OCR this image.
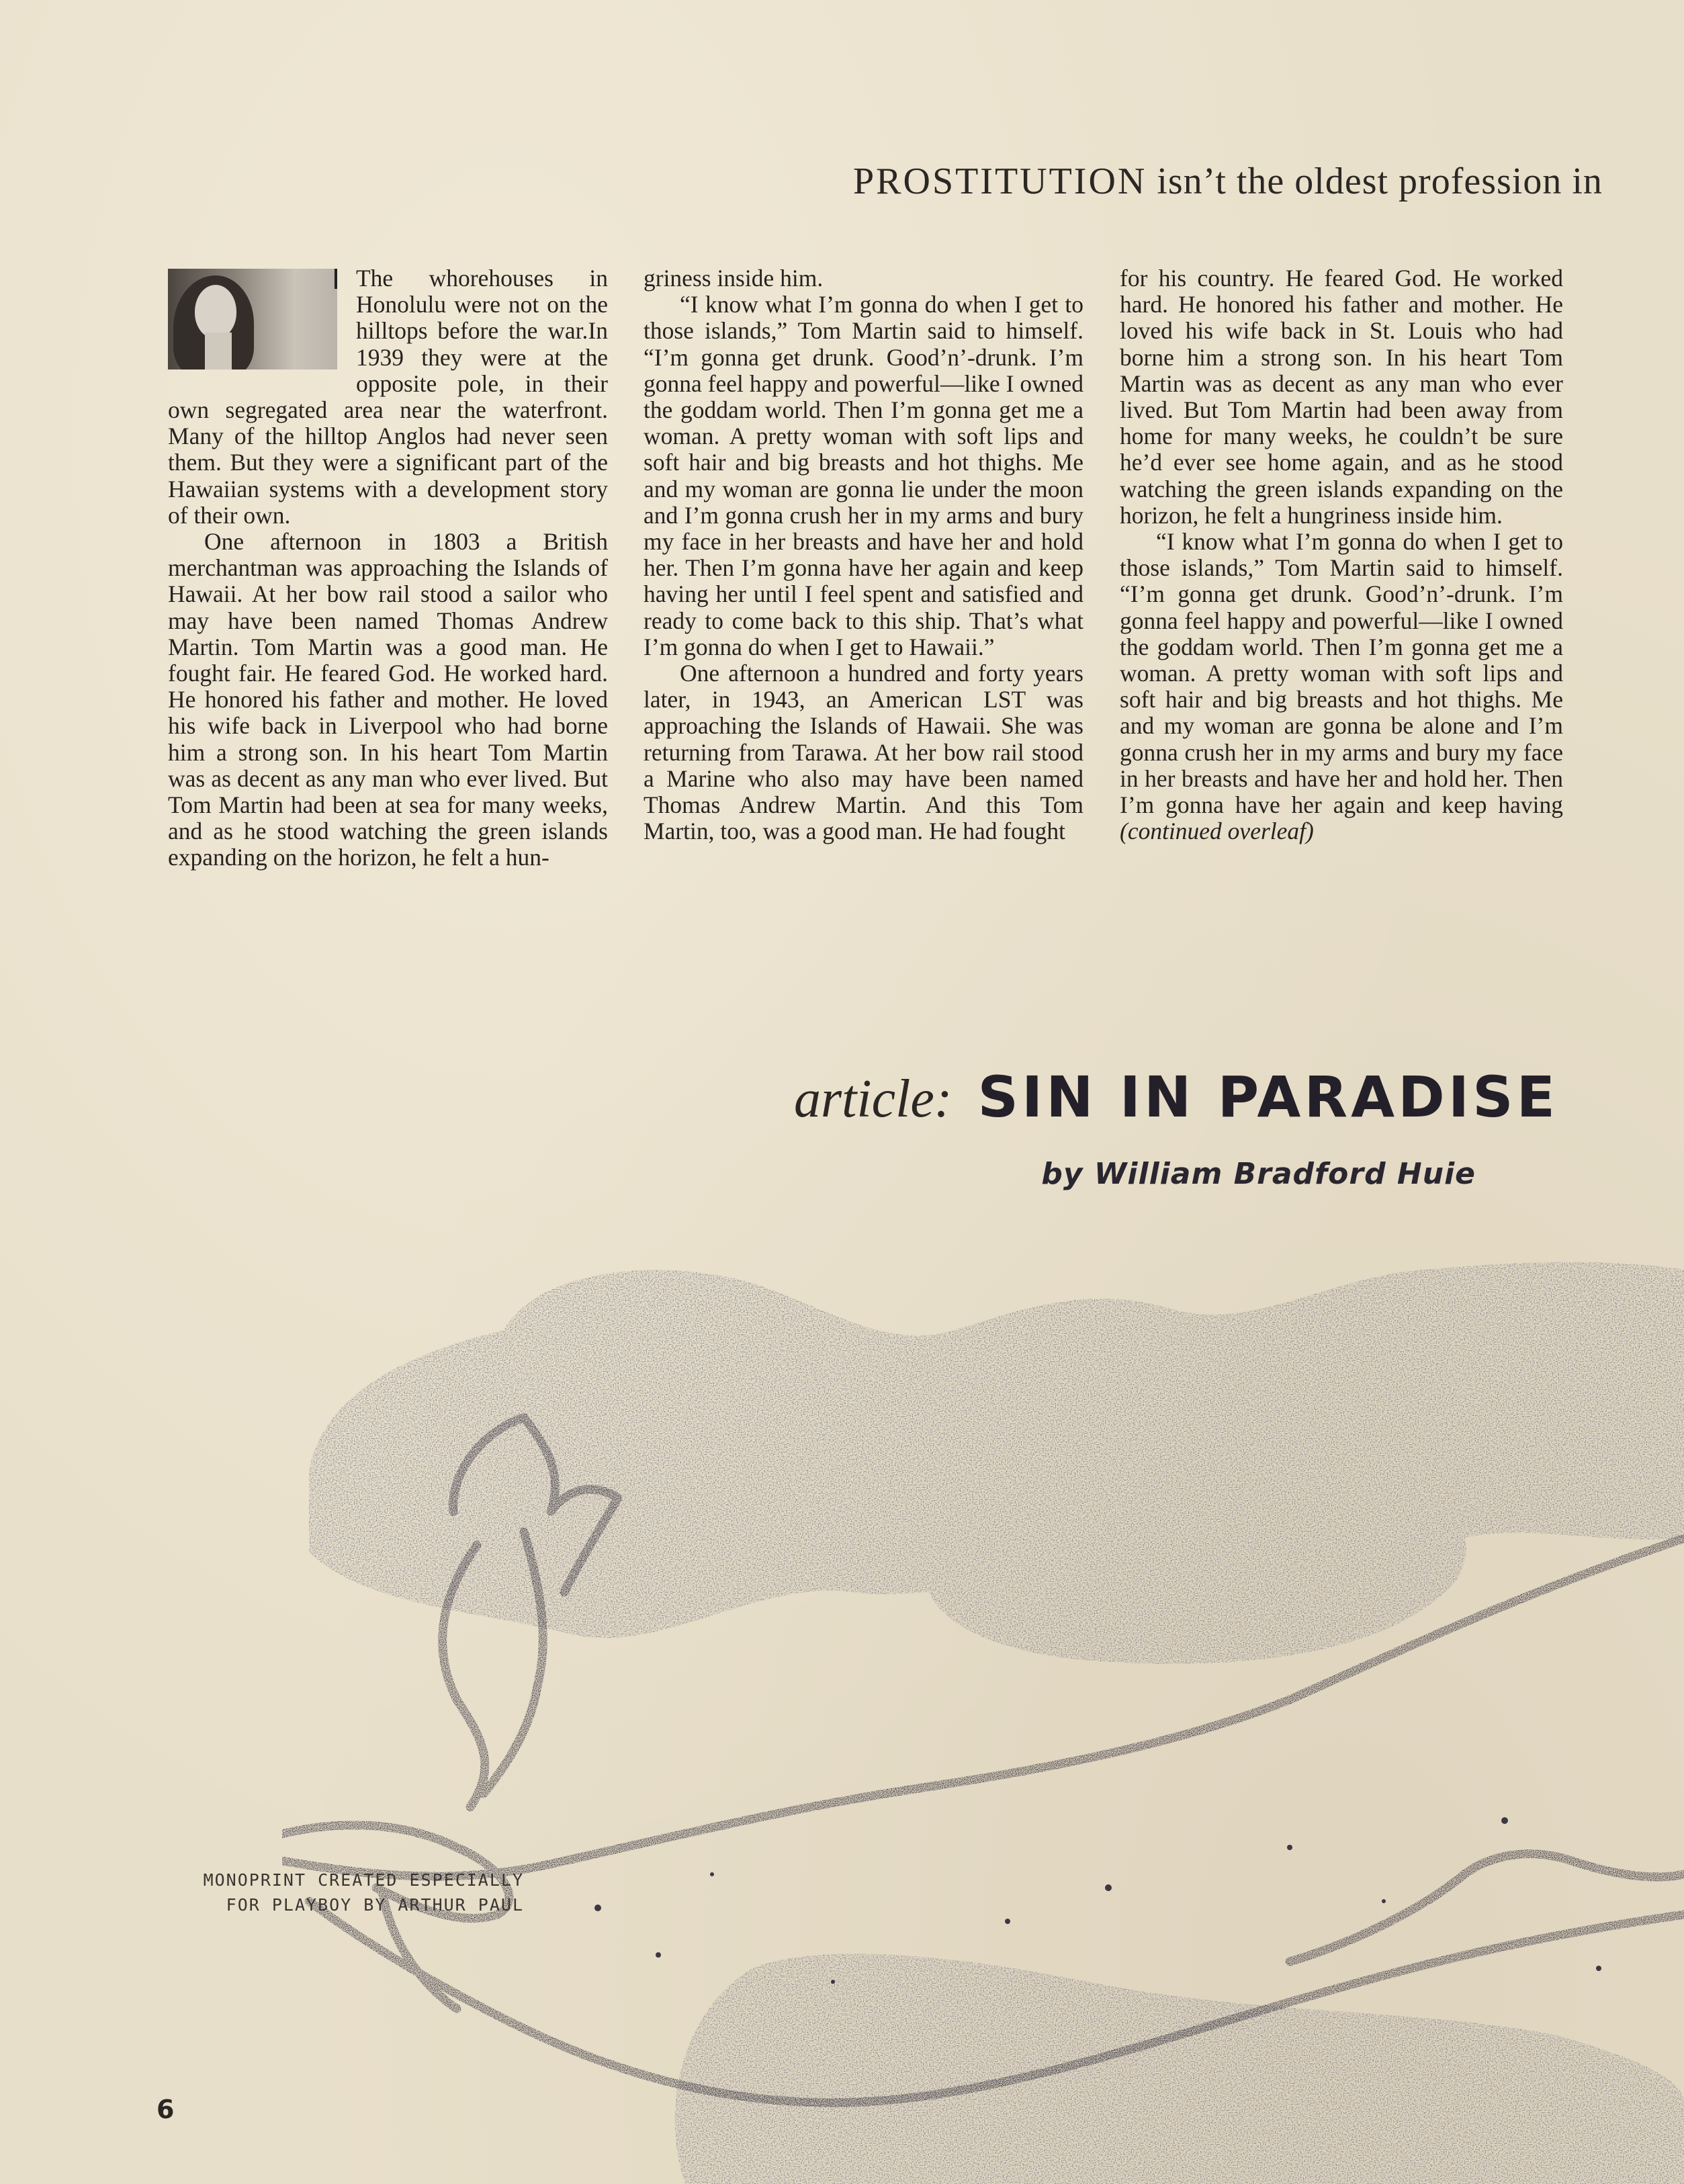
PROSTITUTION isn’t the oldest profession in

The whorehouses in Honolulu were not on the hilltops before the war.In 1939 they were at the opposite pole, in their own segregated area near the waterfront. Many of the hilltop Anglos had never seen them. But they were a significant part of the Hawaiian systems with a development story of their own.

One afternoon in 1803 a British merchantman was approaching the Islands of Hawaii. At her bow rail stood a sailor who may have been named Thomas Andrew Martin. Tom Martin was a good man. He fought fair. He feared God. He worked hard. He honored his father and mother. He loved his wife back in Liverpool who had borne him a strong son. In his heart Tom Martin was as decent as any man who ever lived. But Tom Martin had been at sea for many weeks, and as he stood watching the green islands expanding on the horizon, he felt a hun-

griness inside him.

“I know what I’m gonna do when I get to those islands,” Tom Martin said to himself. “I’m gonna get drunk. Good’n’-drunk. I’m gonna feel happy and powerful—like I owned the goddam world. Then I’m gonna get me a woman. A pretty woman with soft lips and soft hair and big breasts and hot thighs. Me and my woman are gonna lie under the moon and I’m gonna crush her in my arms and bury my face in her breasts and have her and hold her. Then I’m gonna have her again and keep having her until I feel spent and satisfied and ready to come back to this ship. That’s what I’m gonna do when I get to Hawaii.”

One afternoon a hundred and forty years later, in 1943, an American LST was approaching the Islands of Hawaii. She was returning from Tarawa. At her bow rail stood a Marine who also may have been named Thomas Andrew Martin. And this Tom Martin, too, was a good man. He had fought

for his country. He feared God. He worked hard. He honored his father and mother. He loved his wife back in St. Louis who had borne him a strong son. In his heart Tom Martin was as decent as any man who ever lived. But Tom Martin had been away from home for many weeks, he couldn’t be sure he’d ever see home again, and as he stood watching the green islands expanding on the horizon, he felt a hungriness inside him.

“I know what I’m gonna do when I get to those islands,” Tom Martin said to himself. “I’m gonna get drunk. Good’n’-drunk. I’m gonna feel happy and powerful—like I owned the goddam world. Then I’m gonna get me a woman. A pretty woman with soft lips and soft hair and big breasts and hot thighs. Me and my woman are gonna be alone and I’m gonna crush her in my arms and bury my face in her breasts and have her and hold her. Then I’m gonna have her again and keep having (continued overleaf)

article: SIN IN PARADISE
by William Bradford Huie
MONOPRINT CREATED ESPECIALLY
FOR PLAYBOY BY ARTHUR PAUL
6
